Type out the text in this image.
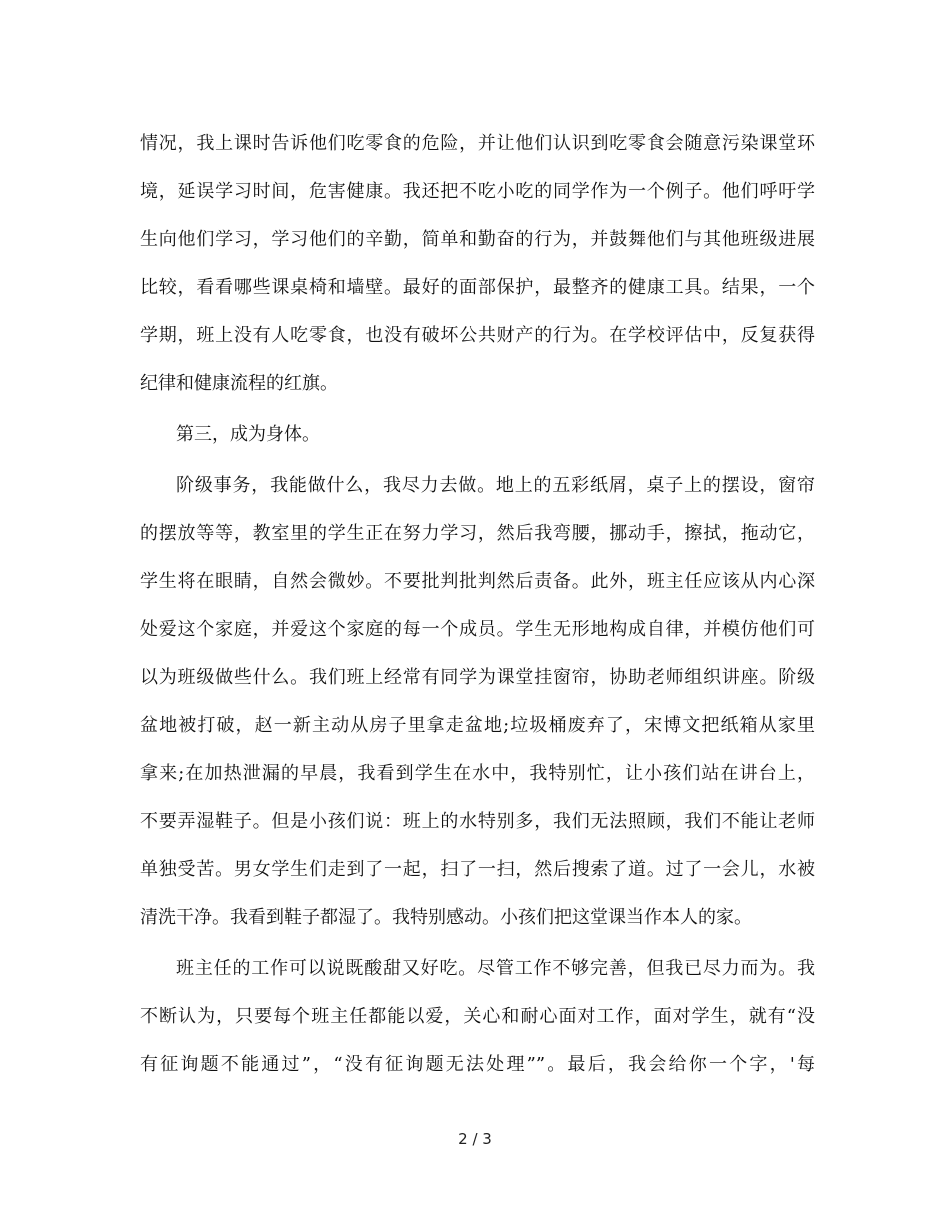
情况，我上课时告诉他们吃零食的危险，并让他们认识到吃零食会随意污染课堂环
境，延误学习时间，危害健康。我还把不吃小吃的同学作为一个例子。他们呼吁学
生向他们学习，学习他们的辛勤，简单和勤奋的行为，并鼓舞他们与其他班级进展
比较，看看哪些课桌椅和墙壁。最好的面部保护，最整齐的健康工具。结果，一个
学期，班上没有人吃零食，也没有破坏公共财产的行为。在学校评估中，反复获得
纪律和健康流程的红旗。
第三，成为身体。
阶级事务，我能做什么，我尽力去做。地上的五彩纸屑，桌子上的摆设，窗帘
的摆放等等，教室里的学生正在努力学习，然后我弯腰，挪动手，擦拭，拖动它，
学生将在眼睛，自然会微妙。不要批判批判然后责备。此外，班主任应该从内心深
处爱这个家庭，并爱这个家庭的每一个成员。学生无形地构成自律，并模仿他们可
以为班级做些什么。我们班上经常有同学为课堂挂窗帘，协助老师组织讲座。阶级
盆地被打破，赵一新主动从房子里拿走盆地;垃圾桶废弃了，宋博文把纸箱从家里
拿来;在加热泄漏的早晨，我看到学生在水中，我特别忙，让小孩们站在讲台上，
不要弄湿鞋子。但是小孩们说：班上的水特别多，我们无法照顾，我们不能让老师
单独受苦。男女学生们走到了一起，扫了一扫，然后搜索了道。过了一会儿，水被
清洗干净。我看到鞋子都湿了。我特别感动。小孩们把这堂课当作本人的家。
班主任的工作可以说既酸甜又好吃。尽管工作不够完善，但我已尽力而为。我
不断认为，只要每个班主任都能以爱，关心和耐心面对工作，面对学生，就有“没
有征询题不能通过”，“没有征询题无法处理””。最后，我会给你一个字，'每
2 / 3
